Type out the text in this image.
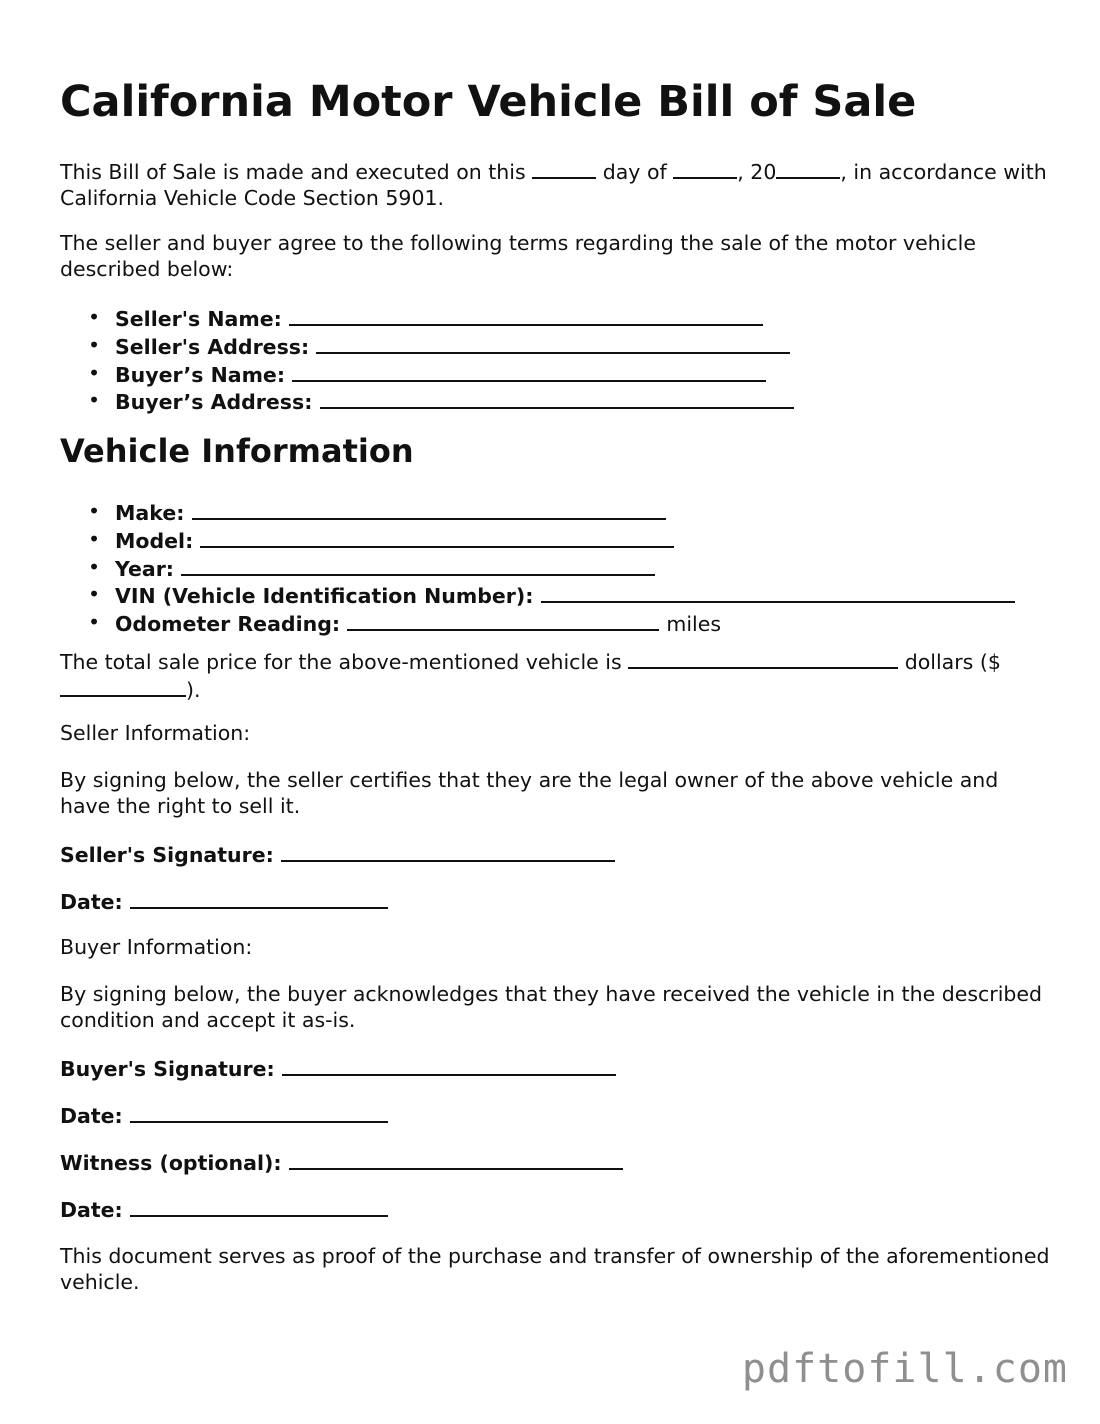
California Motor Vehicle Bill of Sale

This Bill of Sale is made and executed on this	day of	, 20	, in accordance with California Vehicle Code Section 5901.

The seller and buyer agree to the following terms regarding the sale of the motor vehicle described below:

• Seller's Name:
• Seller's Address:
• Buyer’s Name:
• Buyer’s Address:
Vehicle Information
• Make:
• Model:
• Year:
• VIN (Vehicle Identification Number):
• Odometer Reading:	miles

The total sale price for the above-mentioned vehicle is	dollars ($).

Seller Information:

By signing below, the seller certifies that they are the legal owner of the above vehicle and have the right to sell it.

Seller's Signature:

Date:

Buyer Information:

By signing below, the buyer acknowledges that they have received the vehicle in the described condition and accept it as-is.

Buyer's Signature:

Date:

Witness (optional):

Date:

This document serves as proof of the purchase and transfer of ownership of the aforementioned vehicle.

pdftofill.com
